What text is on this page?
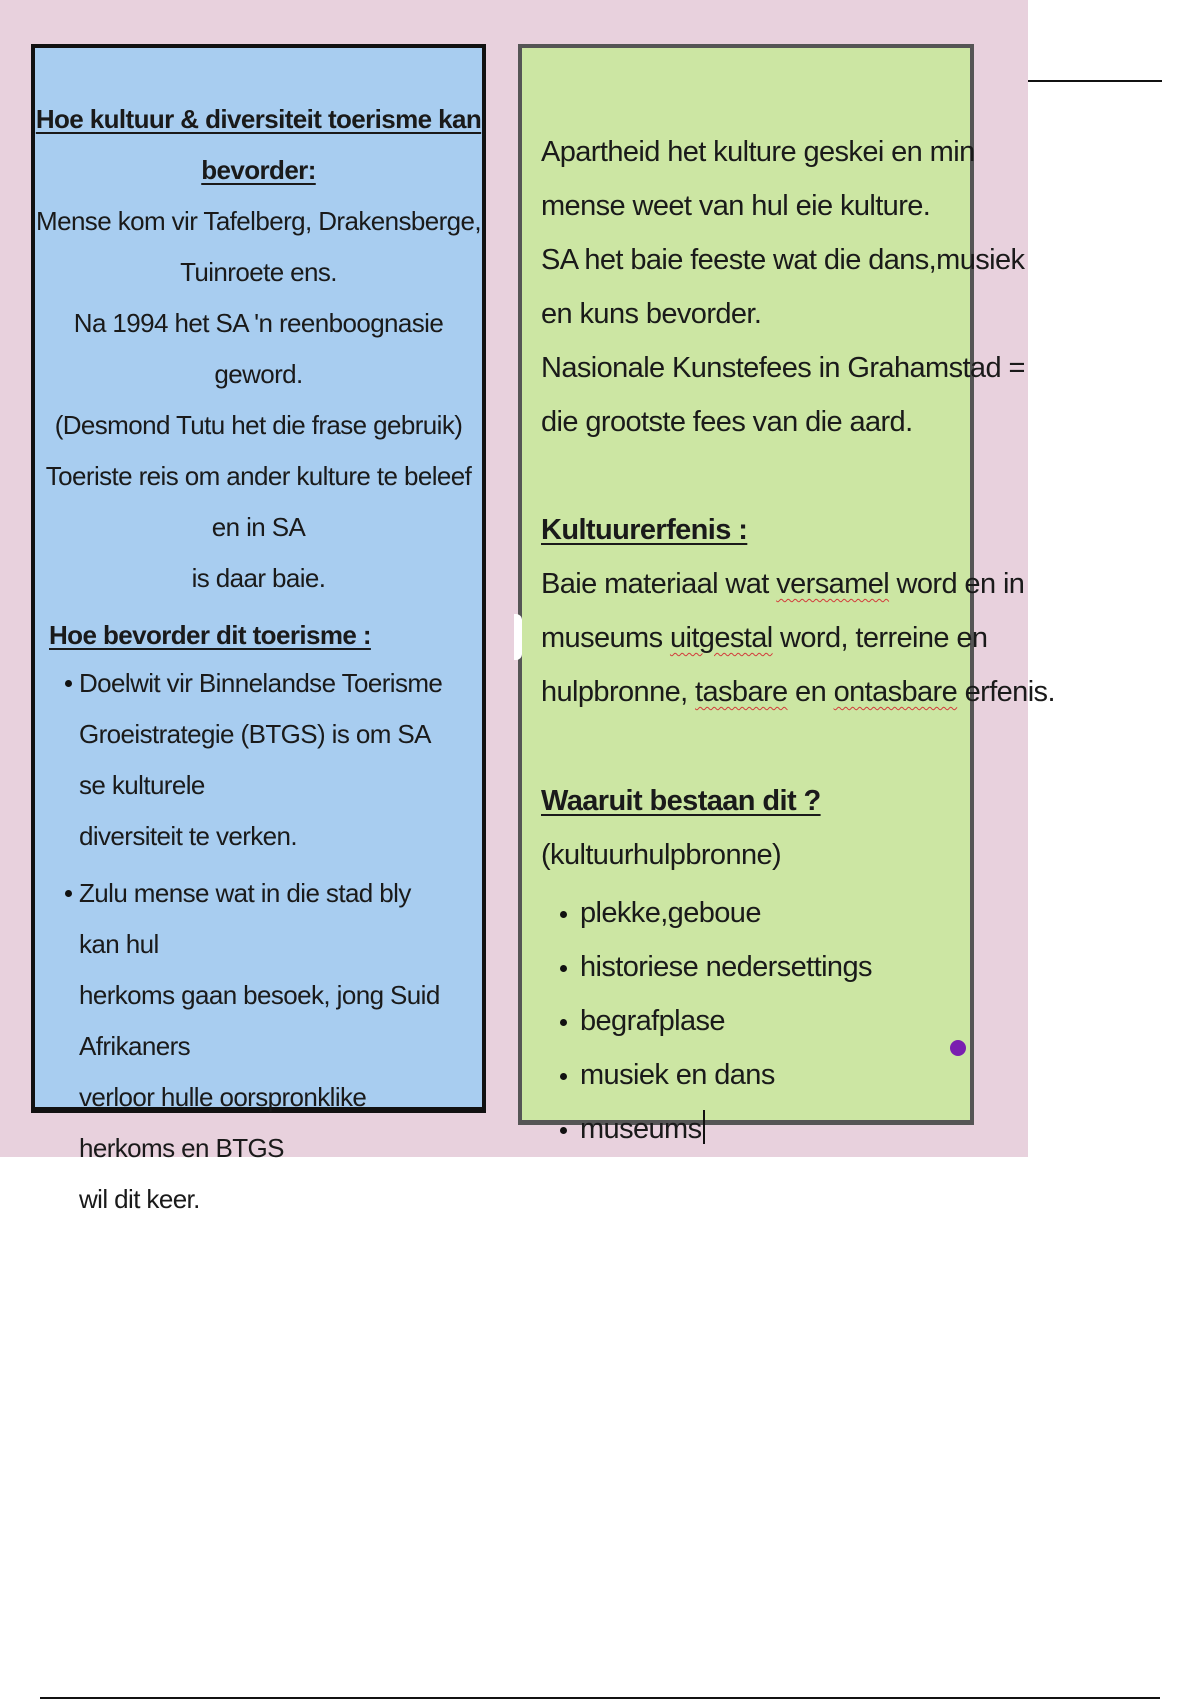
Hoe kultuur & diversiteit toerisme kan
bevorder:
Mense kom vir Tafelberg, Drakensberge,
Tuinroete ens.
Na 1994 het SA 'n reenboognasie geword.
(Desmond Tutu het die frase gebruik)
Toeriste reis om ander kulture te beleef en in SA
is daar baie.
Hoe bevorder dit toerisme :
Doelwit vir Binnelandse Toerisme
Groeistrategie (BTGS) is om SA se kulturele
diversiteit te verken.
Zulu mense wat in die stad bly kan hul
herkoms gaan besoek, jong Suid Afrikaners
verloor hulle oorspronklike herkoms en BTGS
wil dit keer.
Apartheid het kulture geskei en min
mense weet van hul eie kulture.
SA het baie feeste wat die dans,musiek
en kuns bevorder.
Nasionale Kunstefees in Grahamstad =
die grootste fees van die aard.
Kultuurerfenis :
Baie materiaal wat versamel word en in
museums uitgestal word, terreine en
hulpbronne, tasbare en ontasbare erfenis.
Waaruit bestaan dit ?
(kultuurhulpbronne)
plekke,geboue
historiese nedersettings
begrafplase
musiek en dans
museums
